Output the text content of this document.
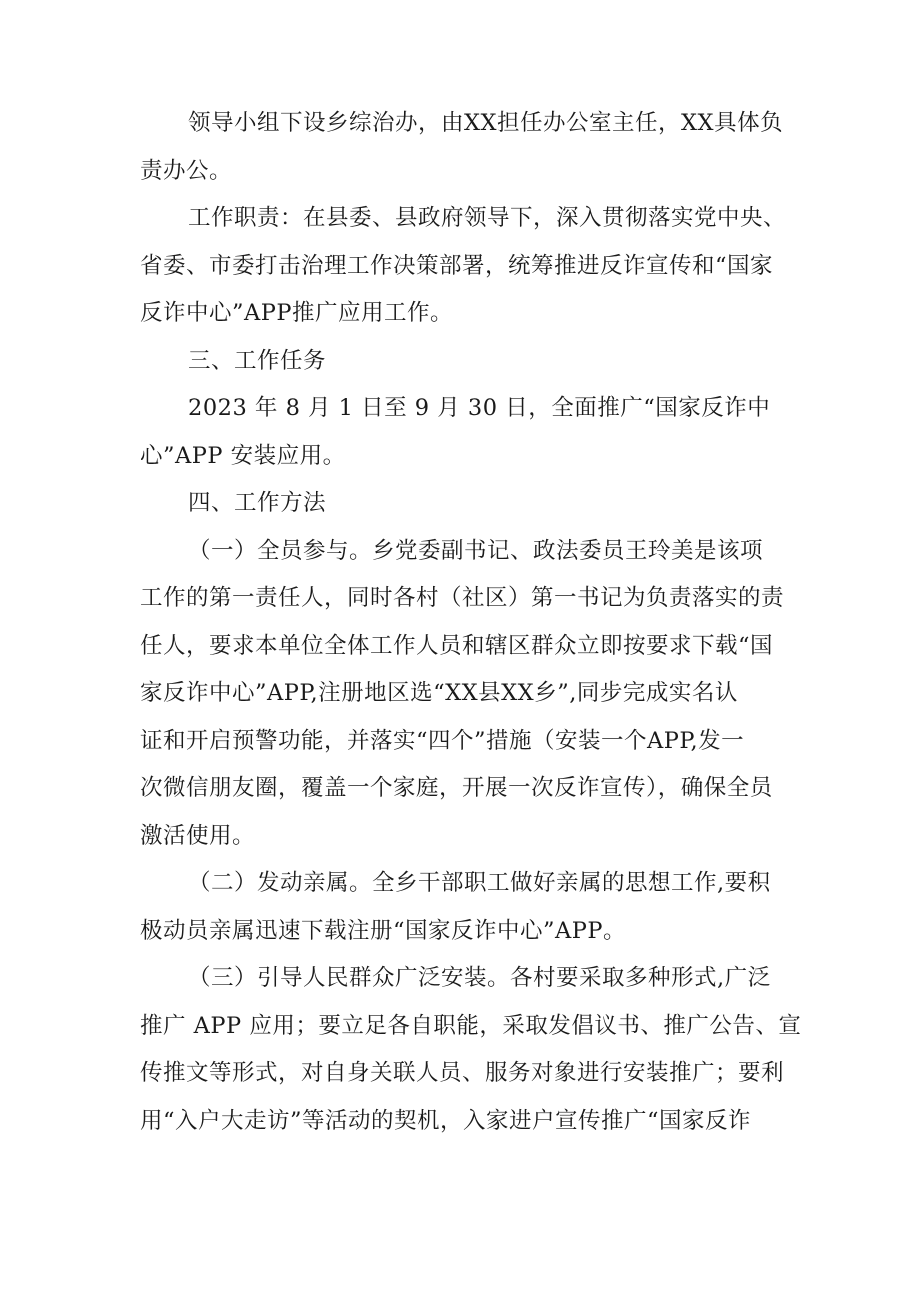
领导小组下设乡综治办，由XX担任办公室主任，XX具体负
责办公。
工作职责：在县委、县政府领导下，深入贯彻落实党中央、
省委、市委打击治理工作决策部署，统筹推进反诈宣传和“国家
反诈中心”APP推广应用工作。
三、工作任务
2023 年 8 月 1 日至 9 月 30 日，全面推广“国家反诈中
心”APP 安装应用。
四、工作方法
（一）全员参与。乡党委副书记、政法委员王玲美是该项
工作的第一责任人，同时各村（社区）第一书记为负责落实的责
任人，要求本单位全体工作人员和辖区群众立即按要求下载“国
家反诈中心”APP,注册地区选“XX县XX乡”,同步完成实名认
证和开启预警功能，并落实“四个”措施（安装一个APP,发一
次微信朋友圈，覆盖一个家庭，开展一次反诈宣传），确保全员
激活使用。
（二）发动亲属。全乡干部职工做好亲属的思想工作,要积
极动员亲属迅速下载注册“国家反诈中心”APP。
（三）引导人民群众广泛安装。各村要采取多种形式,广泛
推广 APP 应用；要立足各自职能，采取发倡议书、推广公告、宣
传推文等形式，对自身关联人员、服务对象进行安装推广；要利
用“入户大走访”等活动的契机，入家进户宣传推广“国家反诈
